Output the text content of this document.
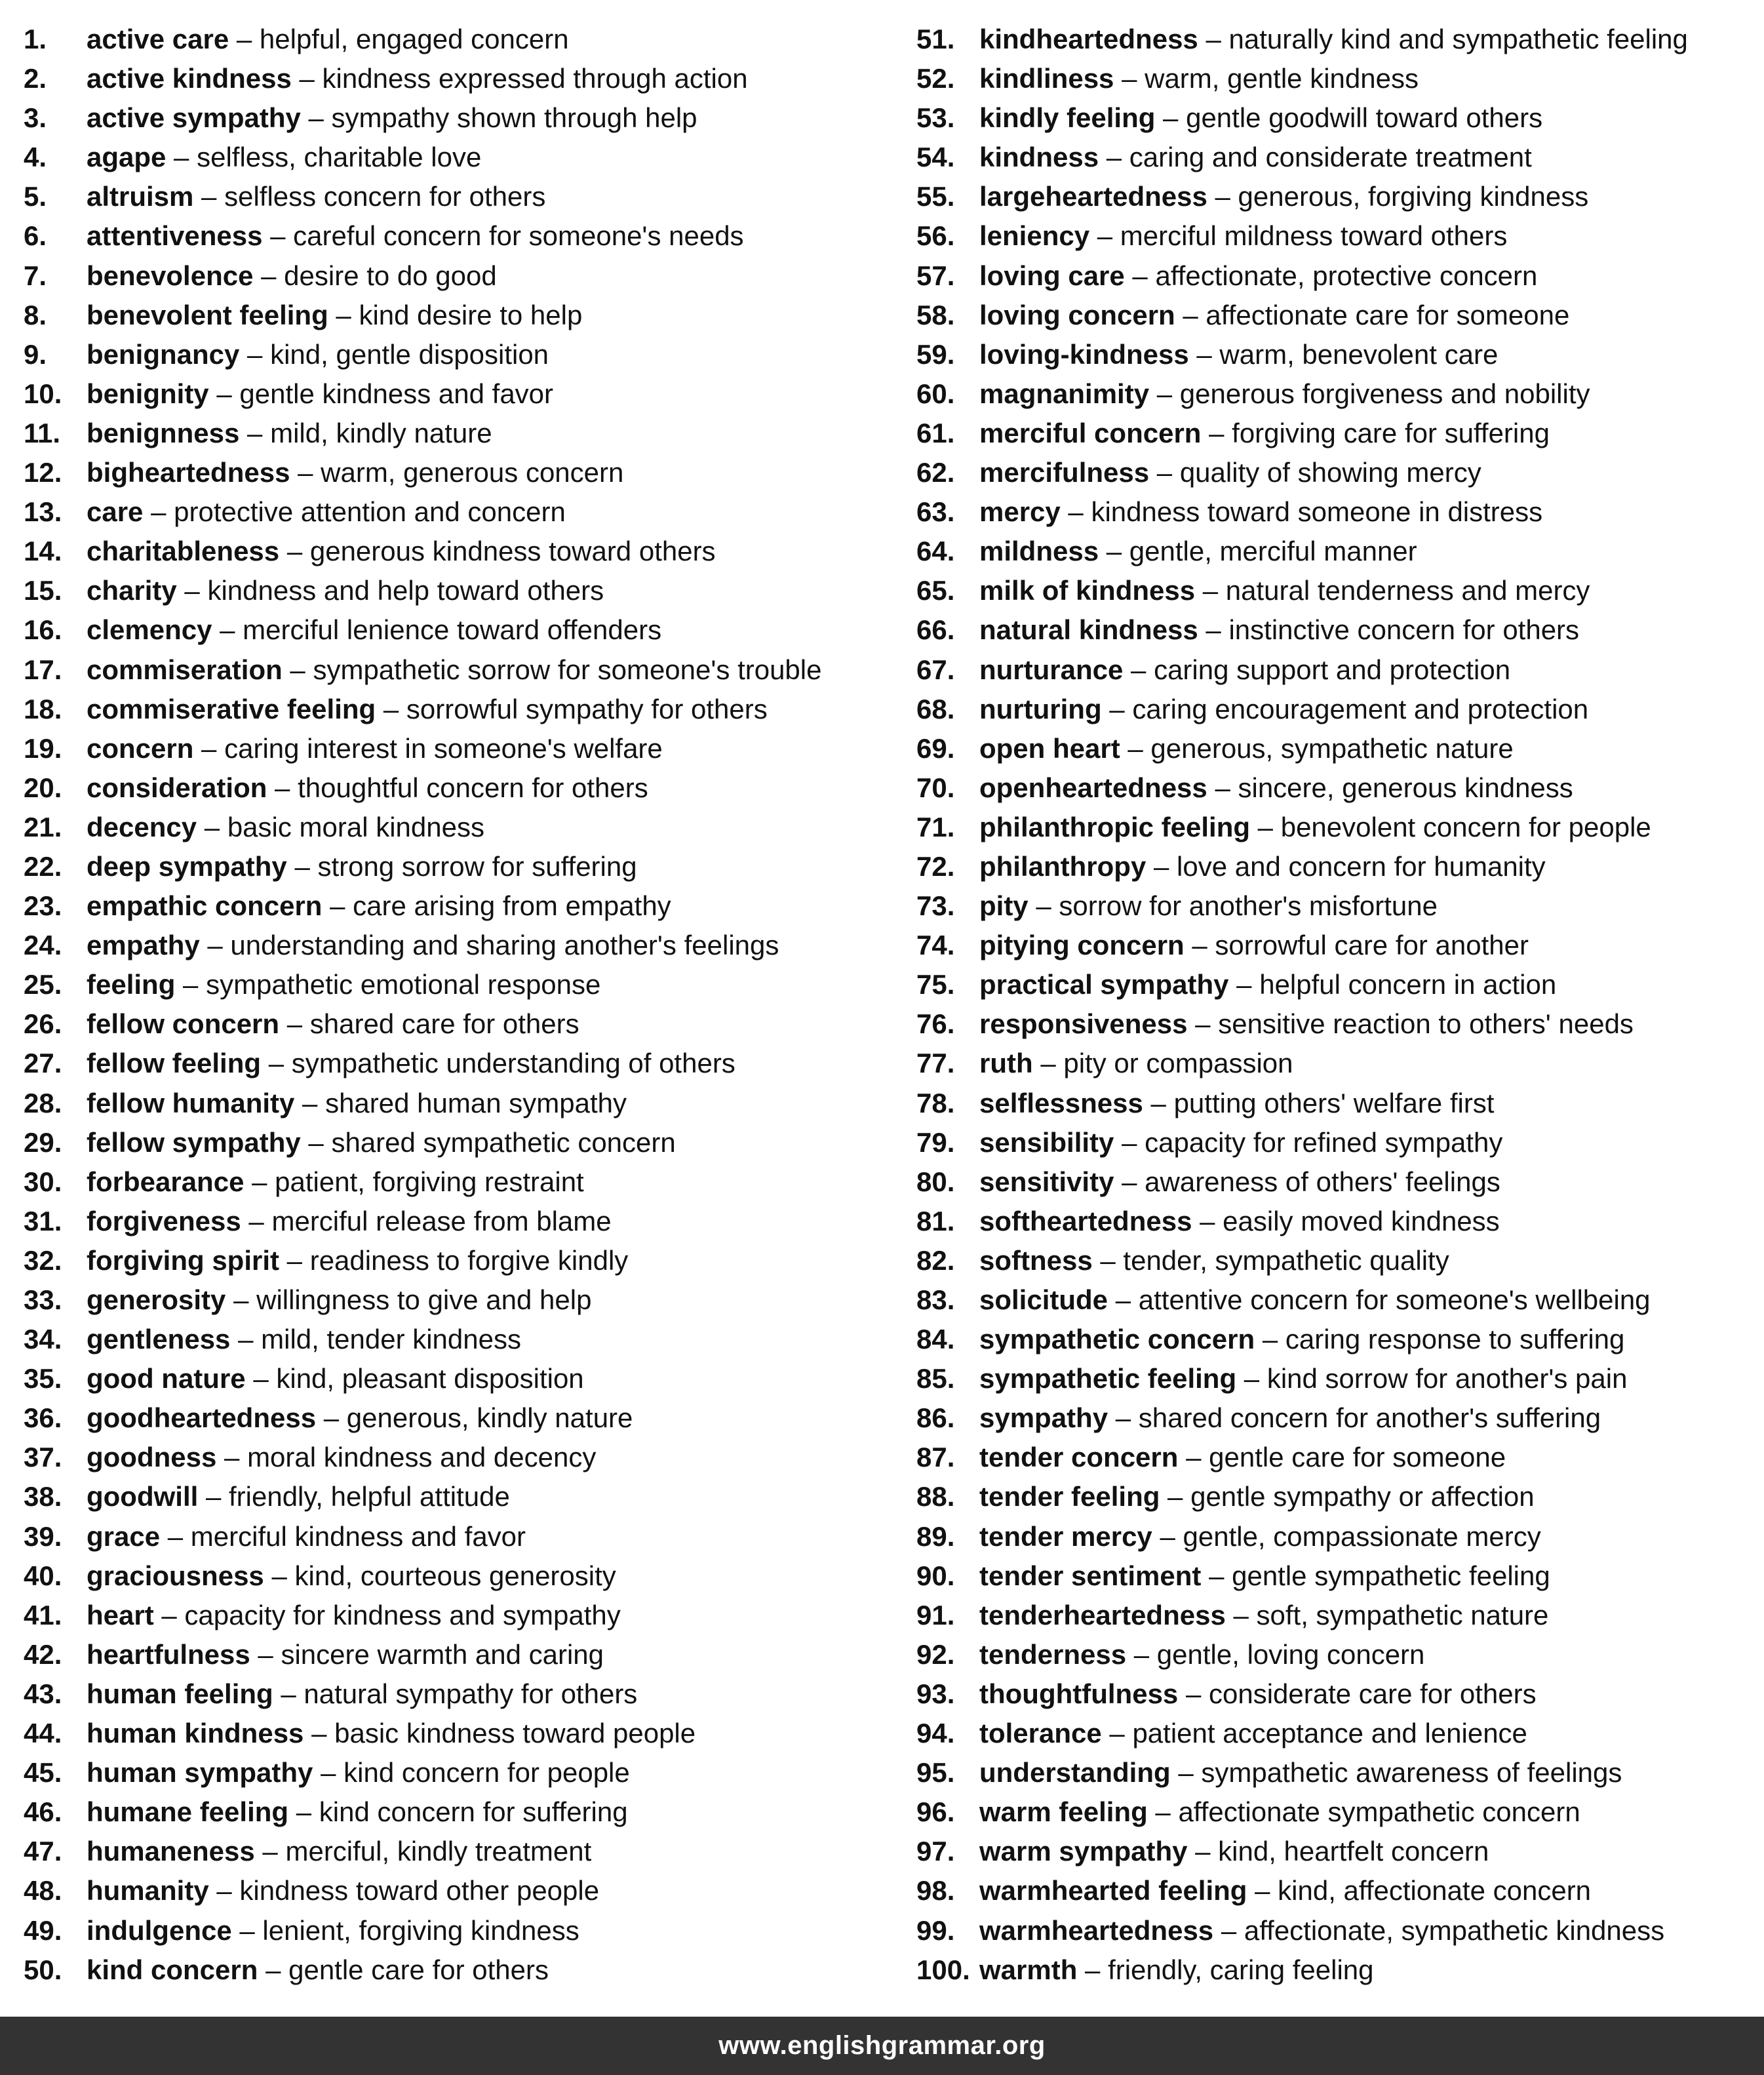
1. active care – helpful, engaged concern
2. active kindness – kindness expressed through action
3. active sympathy – sympathy shown through help
4. agape – selfless, charitable love
5. altruism – selfless concern for others
6. attentiveness – careful concern for someone's needs
7. benevolence – desire to do good
8. benevolent feeling – kind desire to help
9. benignancy – kind, gentle disposition
10. benignity – gentle kindness and favor
11. benignness – mild, kindly nature
12. bigheartedness – warm, generous concern
13. care – protective attention and concern
14. charitableness – generous kindness toward others
15. charity – kindness and help toward others
16. clemency – merciful lenience toward offenders
17. commiseration – sympathetic sorrow for someone's trouble
18. commiserative feeling – sorrowful sympathy for others
19. concern – caring interest in someone's welfare
20. consideration – thoughtful concern for others
21. decency – basic moral kindness
22. deep sympathy – strong sorrow for suffering
23. empathic concern – care arising from empathy
24. empathy – understanding and sharing another's feelings
25. feeling – sympathetic emotional response
26. fellow concern – shared care for others
27. fellow feeling – sympathetic understanding of others
28. fellow humanity – shared human sympathy
29. fellow sympathy – shared sympathetic concern
30. forbearance – patient, forgiving restraint
31. forgiveness – merciful release from blame
32. forgiving spirit – readiness to forgive kindly
33. generosity – willingness to give and help
34. gentleness – mild, tender kindness
35. good nature – kind, pleasant disposition
36. goodheartedness – generous, kindly nature
37. goodness – moral kindness and decency
38. goodwill – friendly, helpful attitude
39. grace – merciful kindness and favor
40. graciousness – kind, courteous generosity
41. heart – capacity for kindness and sympathy
42. heartfulness – sincere warmth and caring
43. human feeling – natural sympathy for others
44. human kindness – basic kindness toward people
45. human sympathy – kind concern for people
46. humane feeling – kind concern for suffering
47. humaneness – merciful, kindly treatment
48. humanity – kindness toward other people
49. indulgence – lenient, forgiving kindness
50. kind concern – gentle care for others
51. kindheartedness – naturally kind and sympathetic feeling
52. kindliness – warm, gentle kindness
53. kindly feeling – gentle goodwill toward others
54. kindness – caring and considerate treatment
55. largeheartedness – generous, forgiving kindness
56. leniency – merciful mildness toward others
57. loving care – affectionate, protective concern
58. loving concern – affectionate care for someone
59. loving-kindness – warm, benevolent care
60. magnanimity – generous forgiveness and nobility
61. merciful concern – forgiving care for suffering
62. mercifulness – quality of showing mercy
63. mercy – kindness toward someone in distress
64. mildness – gentle, merciful manner
65. milk of kindness – natural tenderness and mercy
66. natural kindness – instinctive concern for others
67. nurturance – caring support and protection
68. nurturing – caring encouragement and protection
69. open heart – generous, sympathetic nature
70. openheartedness – sincere, generous kindness
71. philanthropic feeling – benevolent concern for people
72. philanthropy – love and concern for humanity
73. pity – sorrow for another's misfortune
74. pitying concern – sorrowful care for another
75. practical sympathy – helpful concern in action
76. responsiveness – sensitive reaction to others' needs
77. ruth – pity or compassion
78. selflessness – putting others' welfare first
79. sensibility – capacity for refined sympathy
80. sensitivity – awareness of others' feelings
81. softheartedness – easily moved kindness
82. softness – tender, sympathetic quality
83. solicitude – attentive concern for someone's wellbeing
84. sympathetic concern – caring response to suffering
85. sympathetic feeling – kind sorrow for another's pain
86. sympathy – shared concern for another's suffering
87. tender concern – gentle care for someone
88. tender feeling – gentle sympathy or affection
89. tender mercy – gentle, compassionate mercy
90. tender sentiment – gentle sympathetic feeling
91. tenderheartedness – soft, sympathetic nature
92. tenderness – gentle, loving concern
93. thoughtfulness – considerate care for others
94. tolerance – patient acceptance and lenience
95. understanding – sympathetic awareness of feelings
96. warm feeling – affectionate sympathetic concern
97. warm sympathy – kind, heartfelt concern
98. warmhearted feeling – kind, affectionate concern
99. warmheartedness – affectionate, sympathetic kindness
100. warmth – friendly, caring feeling
www.englishgrammar.org
